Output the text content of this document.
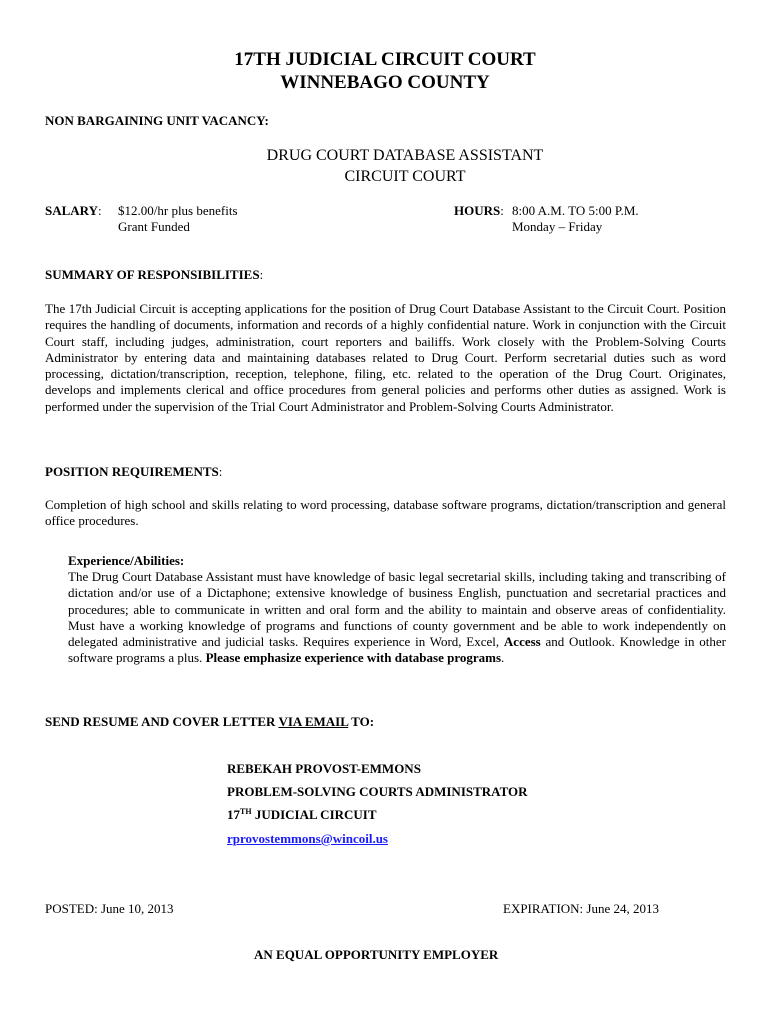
17TH JUDICIAL CIRCUIT COURT
WINNEBAGO COUNTY
NON BARGAINING UNIT VACANCY:
DRUG COURT DATABASE ASSISTANT
CIRCUIT COURT
SALARY: $12.00/hr plus benefits
Grant Funded
HOURS: 8:00 A.M. TO 5:00 P.M.
Monday – Friday
SUMMARY OF RESPONSIBILITIES:
The 17th Judicial Circuit is accepting applications for the position of Drug Court Database Assistant to the Circuit Court. Position requires the handling of documents, information and records of a highly confidential nature. Work in conjunction with the Circuit Court staff, including judges, administration, court reporters and bailiffs. Work closely with the Problem-Solving Courts Administrator by entering data and maintaining databases related to Drug Court. Perform secretarial duties such as word processing, dictation/transcription, reception, telephone, filing, etc. related to the operation of the Drug Court. Originates, develops and implements clerical and office procedures from general policies and performs other duties as assigned. Work is performed under the supervision of the Trial Court Administrator and Problem-Solving Courts Administrator.
POSITION REQUIREMENTS:
Completion of high school and skills relating to word processing, database software programs, dictation/transcription and general office procedures.
Experience/Abilities:
The Drug Court Database Assistant must have knowledge of basic legal secretarial skills, including taking and transcribing of dictation and/or use of a Dictaphone; extensive knowledge of business English, punctuation and secretarial practices and procedures; able to communicate in written and oral form and the ability to maintain and observe areas of confidentiality. Must have a working knowledge of programs and functions of county government and be able to work independently on delegated administrative and judicial tasks. Requires experience in Word, Excel, Access and Outlook. Knowledge in other software programs a plus. Please emphasize experience with database programs.
SEND RESUME AND COVER LETTER VIA EMAIL TO:
REBEKAH PROVOST-EMMONS
PROBLEM-SOLVING COURTS ADMINISTRATOR
17TH JUDICIAL CIRCUIT
rprovostemmons@wincoil.us
POSTED: June 10, 2013	EXPIRATION: June 24, 2013
AN EQUAL OPPORTUNITY EMPLOYER
